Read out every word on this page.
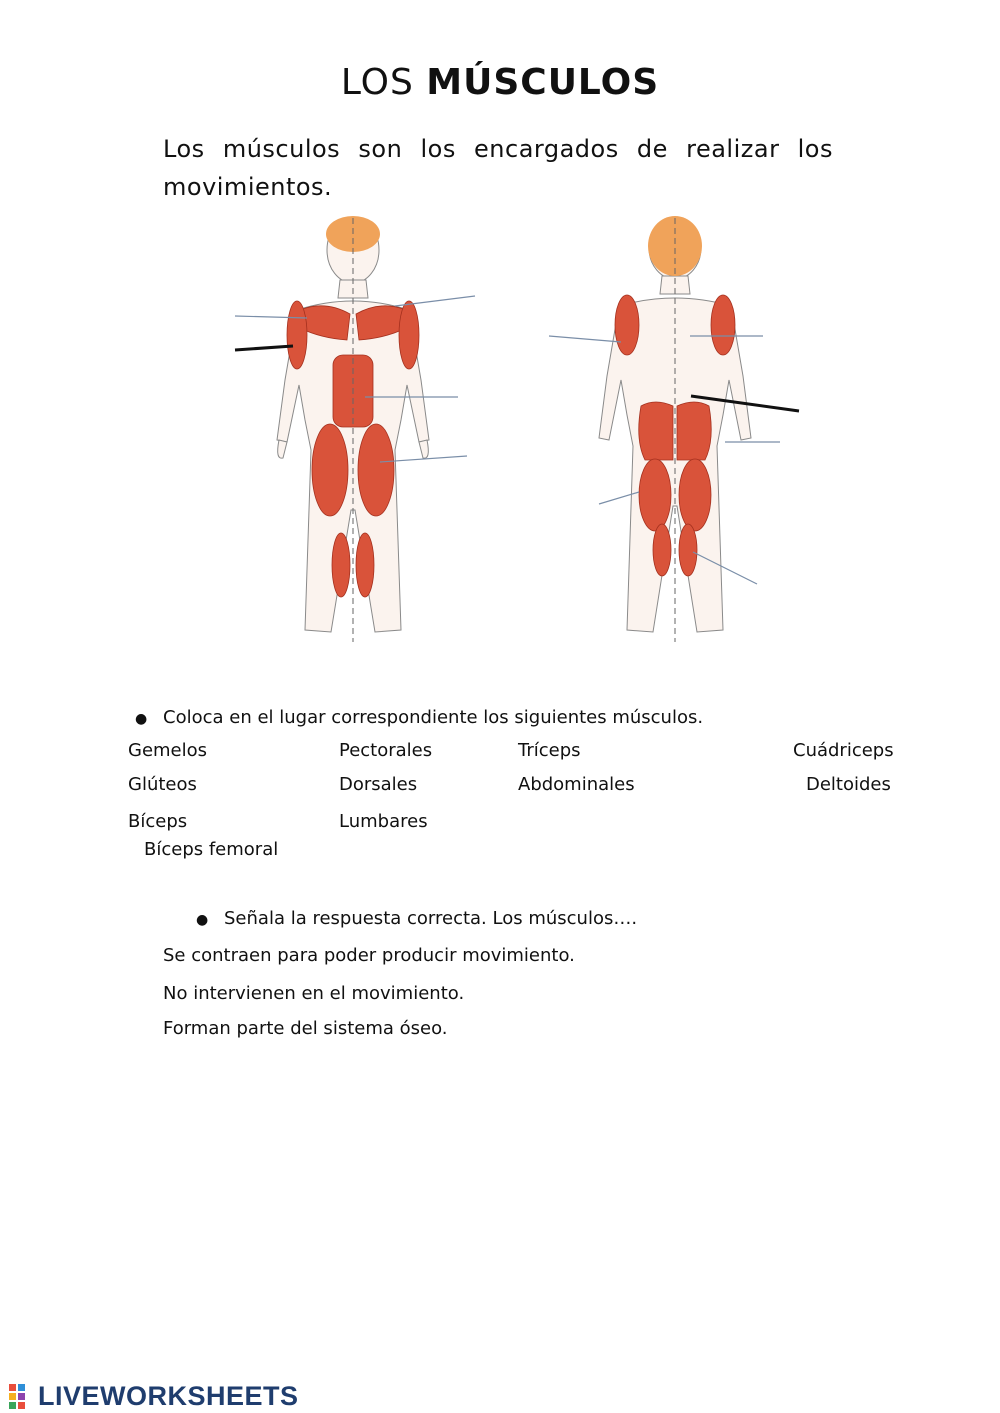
LOS MÚSCULOS
Los músculos son los encargados de realizar los movimientos.
● Coloca en el lugar correspondiente los siguientes músculos.
Gemelos	Pectorales	Tríceps	Cuádriceps
Glúteos	Dorsales	Abdominales	Deltoides
Bíceps	Lumbares
Bíceps femoral
● Señala la respuesta correcta. Los músculos….
Se contraen para poder producir movimiento.
No intervienen en el movimiento.
Forman parte del sistema óseo.
LIVEWORKSHEETS
